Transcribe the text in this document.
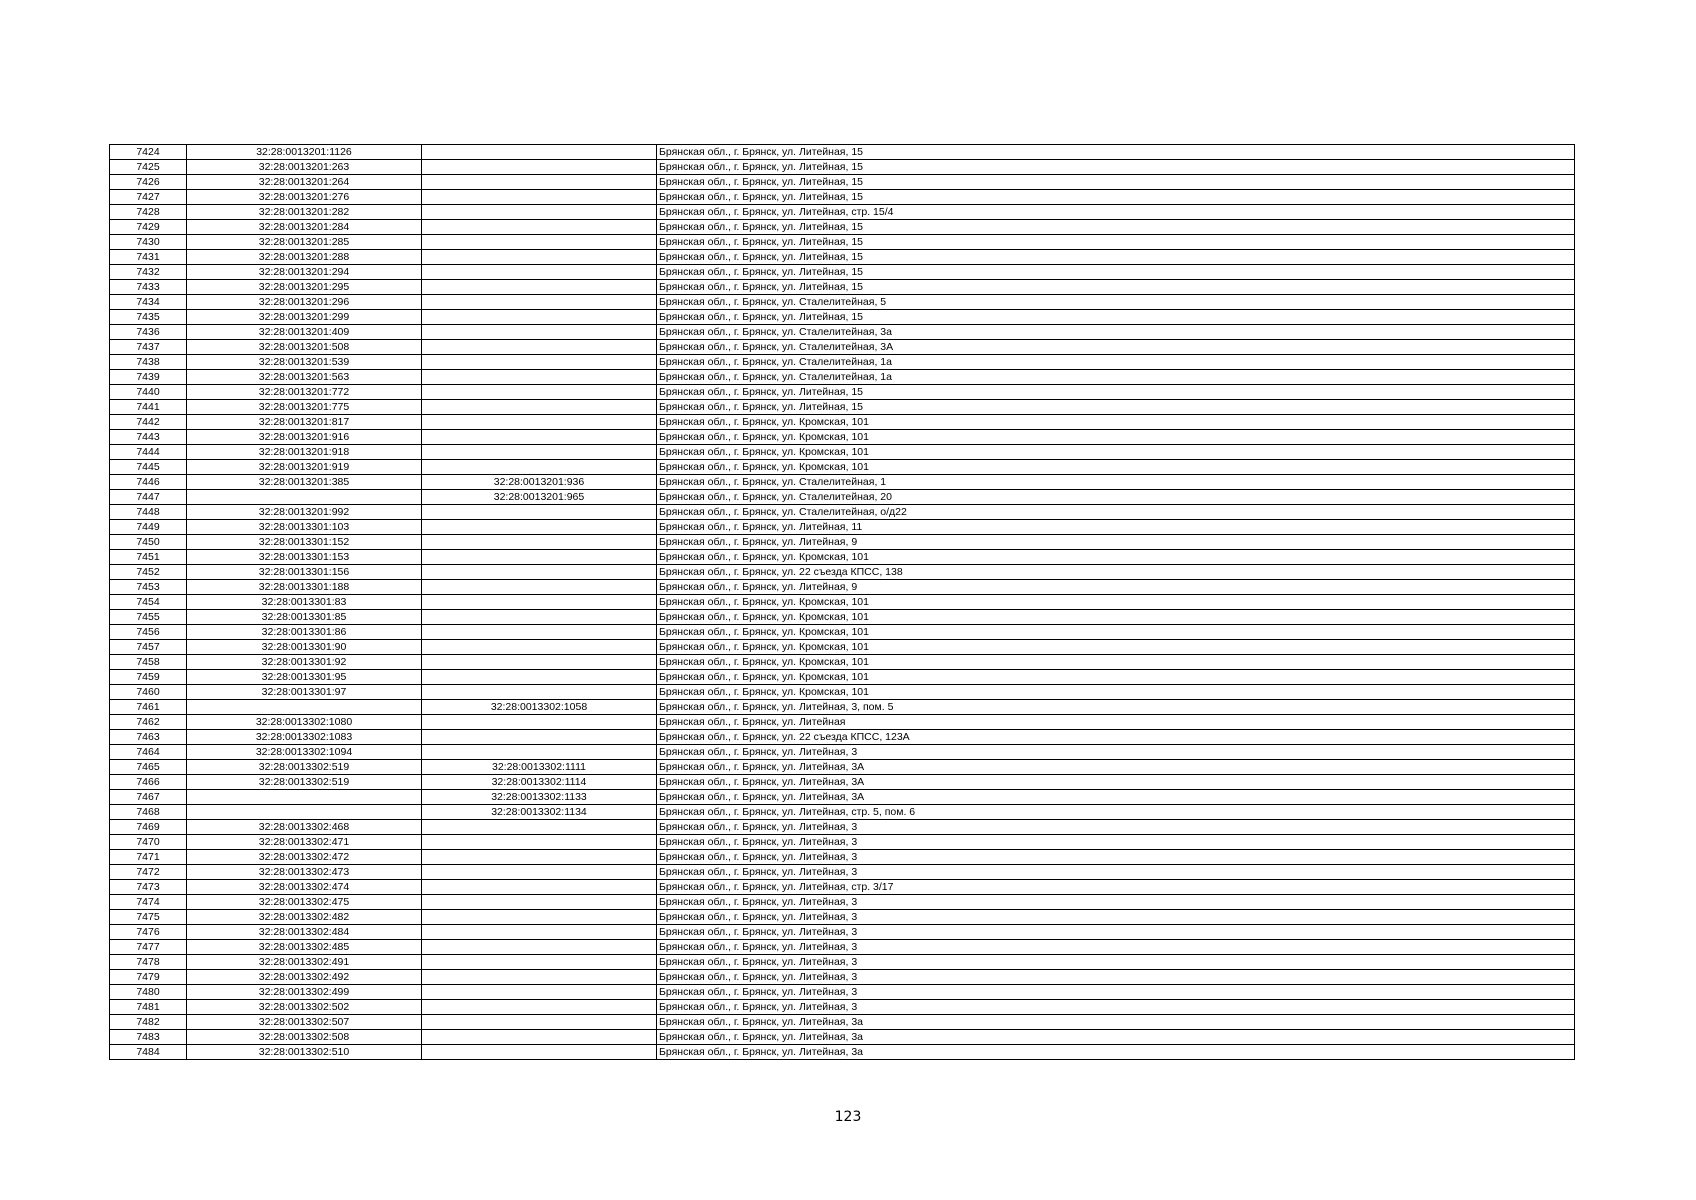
7424	32:28:0013201:1126		Брянская обл., г. Брянск, ул. Литейная, 15
7425	32:28:0013201:263		Брянская обл., г. Брянск, ул. Литейная, 15
7426	32:28:0013201:264		Брянская обл., г. Брянск, ул. Литейная, 15
7427	32:28:0013201:276		Брянская обл., г. Брянск, ул. Литейная, 15
7428	32:28:0013201:282		Брянская обл., г. Брянск, ул. Литейная, стр. 15/4
7429	32:28:0013201:284		Брянская обл., г. Брянск, ул. Литейная, 15
7430	32:28:0013201:285		Брянская обл., г. Брянск, ул. Литейная, 15
7431	32:28:0013201:288		Брянская обл., г. Брянск, ул. Литейная, 15
7432	32:28:0013201:294		Брянская обл., г. Брянск, ул. Литейная, 15
7433	32:28:0013201:295		Брянская обл., г. Брянск, ул. Литейная, 15
7434	32:28:0013201:296		Брянская обл., г. Брянск, ул. Сталелитейная, 5
7435	32:28:0013201:299		Брянская обл., г. Брянск, ул. Литейная, 15
7436	32:28:0013201:409		Брянская обл., г. Брянск, ул. Сталелитейная, 3а
7437	32:28:0013201:508		Брянская обл., г. Брянск, ул. Сталелитейная, 3А
7438	32:28:0013201:539		Брянская обл., г. Брянск, ул. Сталелитейная, 1а
7439	32:28:0013201:563		Брянская обл., г. Брянск, ул. Сталелитейная, 1а
7440	32:28:0013201:772		Брянская обл., г. Брянск, ул. Литейная, 15
7441	32:28:0013201:775		Брянская обл., г. Брянск, ул. Литейная, 15
7442	32:28:0013201:817		Брянская обл., г. Брянск, ул. Кромская, 101
7443	32:28:0013201:916		Брянская обл., г. Брянск, ул. Кромская, 101
7444	32:28:0013201:918		Брянская обл., г. Брянск, ул. Кромская, 101
7445	32:28:0013201:919		Брянская обл., г. Брянск, ул. Кромская, 101
7446	32:28:0013201:385	32:28:0013201:936	Брянская обл., г. Брянск, ул. Сталелитейная, 1
7447		32:28:0013201:965	Брянская обл., г. Брянск, ул. Сталелитейная, 20
7448	32:28:0013201:992		Брянская обл., г. Брянск, ул. Сталелитейная, о/д22
7449	32:28:0013301:103		Брянская обл., г. Брянск, ул. Литейная, 11
7450	32:28:0013301:152		Брянская обл., г. Брянск, ул. Литейная, 9
7451	32:28:0013301:153		Брянская обл., г. Брянск, ул. Кромская, 101
7452	32:28:0013301:156		Брянская обл., г. Брянск, ул. 22 съезда КПСС, 138
7453	32:28:0013301:188		Брянская обл., г. Брянск, ул. Литейная, 9
7454	32:28:0013301:83		Брянская обл., г. Брянск, ул. Кромская, 101
7455	32:28:0013301:85		Брянская обл., г. Брянск, ул. Кромская, 101
7456	32:28:0013301:86		Брянская обл., г. Брянск, ул. Кромская, 101
7457	32:28:0013301:90		Брянская обл., г. Брянск, ул. Кромская, 101
7458	32:28:0013301:92		Брянская обл., г. Брянск, ул. Кромская, 101
7459	32:28:0013301:95		Брянская обл., г. Брянск, ул. Кромская, 101
7460	32:28:0013301:97		Брянская обл., г. Брянск, ул. Кромская, 101
7461		32:28:0013302:1058	Брянская обл., г. Брянск, ул. Литейная, 3, пом. 5
7462	32:28:0013302:1080		Брянская обл., г. Брянск, ул. Литейная
7463	32:28:0013302:1083		Брянская обл., г. Брянск, ул. 22 съезда КПСС, 123А
7464	32:28:0013302:1094		Брянская обл., г. Брянск, ул. Литейная, 3
7465	32:28:0013302:519	32:28:0013302:1111	Брянская обл., г. Брянск, ул. Литейная, 3А
7466	32:28:0013302:519	32:28:0013302:1114	Брянская обл., г. Брянск, ул. Литейная, 3А
7467		32:28:0013302:1133	Брянская обл., г. Брянск, ул. Литейная, 3А
7468		32:28:0013302:1134	Брянская обл., г. Брянск, ул. Литейная, стр. 5, пом. 6
7469	32:28:0013302:468		Брянская обл., г. Брянск, ул. Литейная, 3
7470	32:28:0013302:471		Брянская обл., г. Брянск, ул. Литейная, 3
7471	32:28:0013302:472		Брянская обл., г. Брянск, ул. Литейная, 3
7472	32:28:0013302:473		Брянская обл., г. Брянск, ул. Литейная, 3
7473	32:28:0013302:474		Брянская обл., г. Брянск, ул. Литейная, стр. 3/17
7474	32:28:0013302:475		Брянская обл., г. Брянск, ул. Литейная, 3
7475	32:28:0013302:482		Брянская обл., г. Брянск, ул. Литейная, 3
7476	32:28:0013302:484		Брянская обл., г. Брянск, ул. Литейная, 3
7477	32:28:0013302:485		Брянская обл., г. Брянск, ул. Литейная, 3
7478	32:28:0013302:491		Брянская обл., г. Брянск, ул. Литейная, 3
7479	32:28:0013302:492		Брянская обл., г. Брянск, ул. Литейная, 3
7480	32:28:0013302:499		Брянская обл., г. Брянск, ул. Литейная, 3
7481	32:28:0013302:502		Брянская обл., г. Брянск, ул. Литейная, 3
7482	32:28:0013302:507		Брянская обл., г. Брянск, ул. Литейная, 3а
7483	32:28:0013302:508		Брянская обл., г. Брянск, ул. Литейная, 3а
7484	32:28:0013302:510		Брянская обл., г. Брянск, ул. Литейная, 3а
123
